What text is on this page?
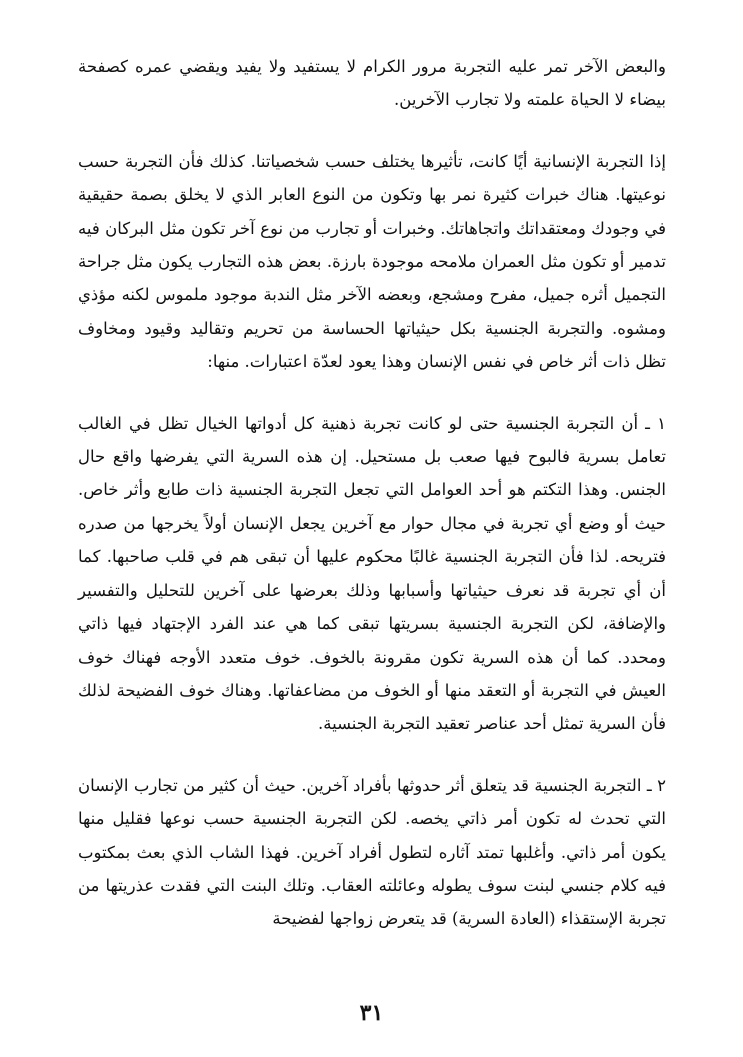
والبعض الآخر تمر عليه التجربة مرور الكرام لا يستفيد ولا يفيد ويقضي عمره كصفحة بيضاء لا الحياة علمته ولا تجارب الآخرين.

إذا التجربة الإنسانية أيًا كانت، تأثيرها يختلف حسب شخصياتنا. كذلك فأن التجربة حسب نوعيتها. هناك خبرات كثيرة نمر بها وتكون من النوع العابر الذي لا يخلق بصمة حقيقية في وجودك ومعتقداتك واتجاهاتك. وخبرات أو تجارب من نوع آخر تكون مثل البركان فيه تدمير أو تكون مثل العمران ملامحه موجودة بارزة. بعض هذه التجارب يكون مثل جراحة التجميل أثره جميل، مفرح ومشجع، وبعضه الآخر مثل الندبة موجود ملموس لكنه مؤذي ومشوه. والتجربة الجنسية بكل حيثياتها الحساسة من تحريم وتقاليد وقيود ومخاوف تظل ذات أثر خاص في نفس الإنسان وهذا يعود لعدّة اعتبارات. منها:

١ ـ أن التجربة الجنسية حتى لو كانت تجربة ذهنية كل أدواتها الخيال تظل في الغالب تعامل بسرية فالبوح فيها صعب بل مستحيل. إن هذه السرية التي يفرضها واقع حال الجنس. وهذا التكتم هو أحد العوامل التي تجعل التجربة الجنسية ذات طابع وأثر خاص. حيث أو وضع أي تجربة في مجال حوار مع آخرين يجعل الإنسان أولاً يخرجها من صدره فتريحه. لذا فأن التجربة الجنسية غالبًا محكوم عليها أن تبقى هم في قلب صاحبها. كما أن أي تجربة قد نعرف حيثياتها وأسبابها وذلك بعرضها على آخرين للتحليل والتفسير والإضافة، لكن التجربة الجنسية بسريتها تبقى كما هي عند الفرد الإجتهاد فيها ذاتي ومحدد. كما أن هذه السرية تكون مقرونة بالخوف. خوف متعدد الأوجه فهناك خوف العيش في التجربة أو التعقد منها أو الخوف من مضاعفاتها. وهناك خوف الفضيحة لذلك فأن السرية تمثل أحد عناصر تعقيد التجربة الجنسية.

٢ ـ التجربة الجنسية قد يتعلق أثر حدوثها بأفراد آخرين. حيث أن كثير من تجارب الإنسان التي تحدث له تكون أمر ذاتي يخصه. لكن التجربة الجنسية حسب نوعها فقليل منها يكون أمر ذاتي. وأغلبها تمتد آثاره لتطول أفراد آخرين. فهذا الشاب الذي بعث بمكتوب فيه كلام جنسي لبنت سوف يطوله وعائلته العقاب. وتلك البنت التي فقدت عذريتها من تجربة الإستقذاء (العادة السرية) قد يتعرض زواجها لفضيحة

٣١
